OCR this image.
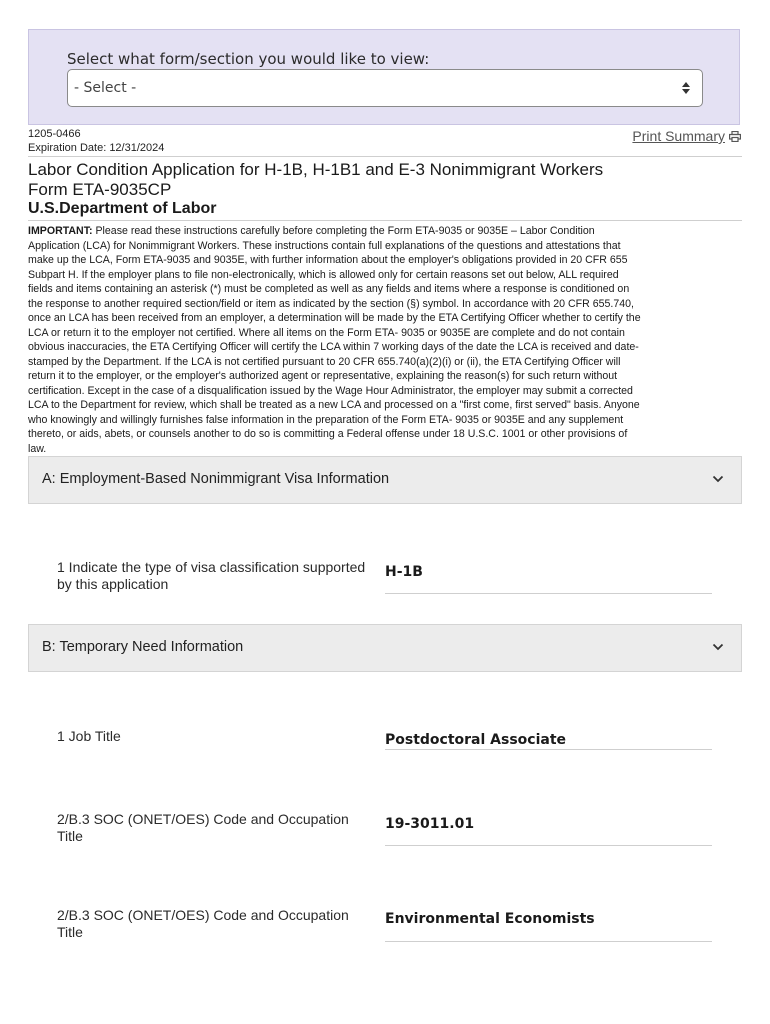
Select what form/section you would like to view:
- Select -
1205-0466
Expiration Date: 12/31/2024
Print Summary
Labor Condition Application for H-1B, H-1B1 and E-3 Nonimmigrant Workers
Form ETA-9035CP
U.S.Department of Labor
IMPORTANT: Please read these instructions carefully before completing the Form ETA-9035 or 9035E – Labor Condition
Application (LCA) for Nonimmigrant Workers. These instructions contain full explanations of the questions and attestations that
make up the LCA, Form ETA-9035 and 9035E, with further information about the employer's obligations provided in 20 CFR 655
Subpart H. If the employer plans to file non-electronically, which is allowed only for certain reasons set out below, ALL required
fields and items containing an asterisk (*) must be completed as well as any fields and items where a response is conditioned on
the response to another required section/field or item as indicated by the section (§) symbol. In accordance with 20 CFR 655.740,
once an LCA has been received from an employer, a determination will be made by the ETA Certifying Officer whether to certify the
LCA or return it to the employer not certified. Where all items on the Form ETA- 9035 or 9035E are complete and do not contain
obvious inaccuracies, the ETA Certifying Officer will certify the LCA within 7 working days of the date the LCA is received and date-
stamped by the Department. If the LCA is not certified pursuant to 20 CFR 655.740(a)(2)(i) or (ii), the ETA Certifying Officer will
return it to the employer, or the employer's authorized agent or representative, explaining the reason(s) for such return without
certification. Except in the case of a disqualification issued by the Wage Hour Administrator, the employer may submit a corrected
LCA to the Department for review, which shall be treated as a new LCA and processed on a "first come, first served" basis. Anyone
who knowingly and willingly furnishes false information in the preparation of the Form ETA- 9035 or 9035E and any supplement
thereto, or aids, abets, or counsels another to do so is committing a Federal offense under 18 U.S.C. 1001 or other provisions of
law.
A: Employment-Based Nonimmigrant Visa Information
1 Indicate the type of visa classification supported by this application
H-1B
B: Temporary Need Information
1 Job Title	Postdoctoral Associate
2/B.3 SOC (ONET/OES) Code and Occupation Title
19-3011.01
2/B.3 SOC (ONET/OES) Code and Occupation Title
Environmental Economists
